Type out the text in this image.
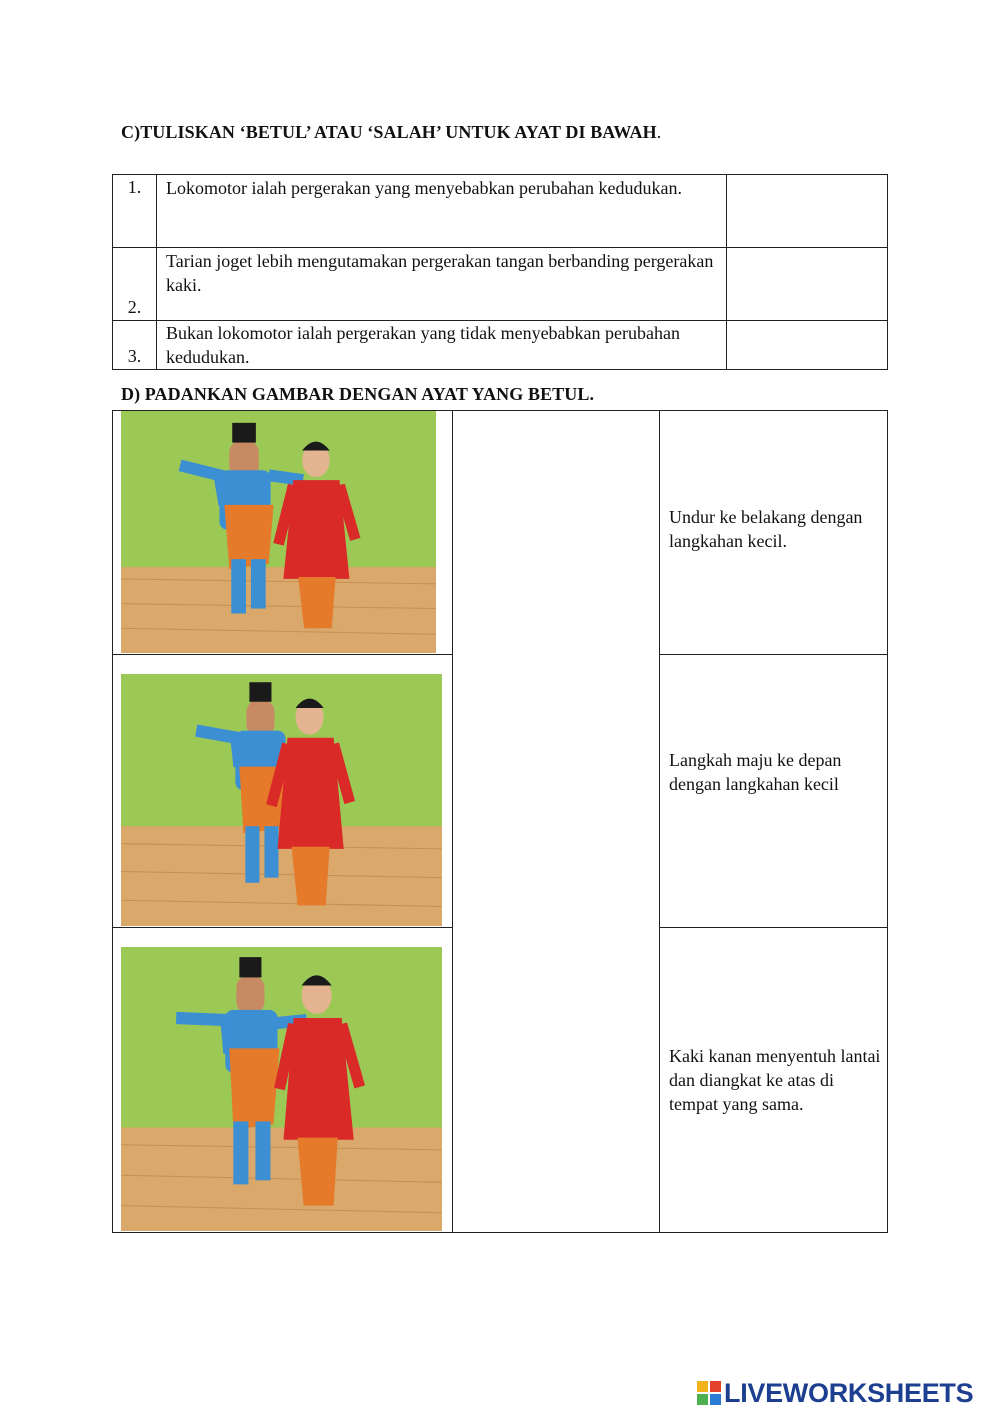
C)TULISKAN ‘BETUL’ ATAU ‘SALAH’ UNTUK AYAT DI BAWAH.
1.	Lokomotor ialah pergerakan yang menyebabkan perubahan kedudukan.	
2.	Tarian joget lebih mengutamakan pergerakan tangan berbanding pergerakan kaki.	
3.	Bukan lokomotor ialah pergerakan yang tidak menyebabkan perubahan kedudukan.	
D) PADANKAN GAMBAR DENGAN AYAT YANG BETUL.
Undur ke belakang dengan langkahan kecil.
Langkah maju ke depan dengan langkahan kecil
Kaki kanan menyentuh lantai dan diangkat ke atas di tempat yang sama.
LIVEWORKSHEETS
